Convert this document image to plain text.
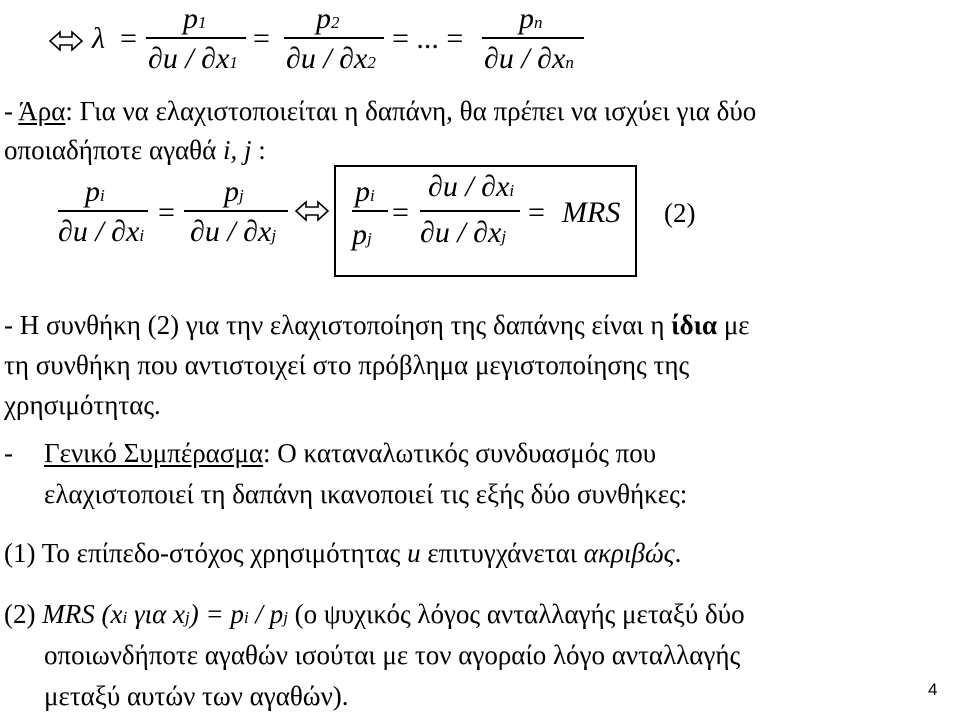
λ =
p1
∂u / ∂x1
=
p2
∂u / ∂x2
= ... =
pn
∂u / ∂xn
- Άρα: Για να ελαχιστοποιείται η δαπάνη, θα πρέπει να ισχύει για δύο
οποιαδήποτε αγαθά i, j :
pi
∂u / ∂xi
=
pj
∂u / ∂xj
pi
pj
=
∂u / ∂xi
∂u / ∂xj
= MRS (2)
- Η συνθήκη (2) για την ελαχιστοποίηση της δαπάνης είναι η ίδια με
τη συνθήκη που αντιστοιχεί στο πρόβλημα μεγιστοποίησης της
χρησιμότητας.
- Γενικό Συμπέρασμα: Ο καταναλωτικός συνδυασμός που
ελαχιστοποιεί τη δαπάνη ικανοποιεί τις εξής δύο συνθήκες:
(1) Το επίπεδο-στόχος χρησιμότητας u επιτυγχάνεται ακριβώς.
(2) MRS (xi για xj) = pi / pj (ο ψυχικός λόγος ανταλλαγής μεταξύ δύο
οποιωνδήποτε αγαθών ισούται με τον αγοραίο λόγο ανταλλαγής
μεταξύ αυτών των αγαθών).	4
